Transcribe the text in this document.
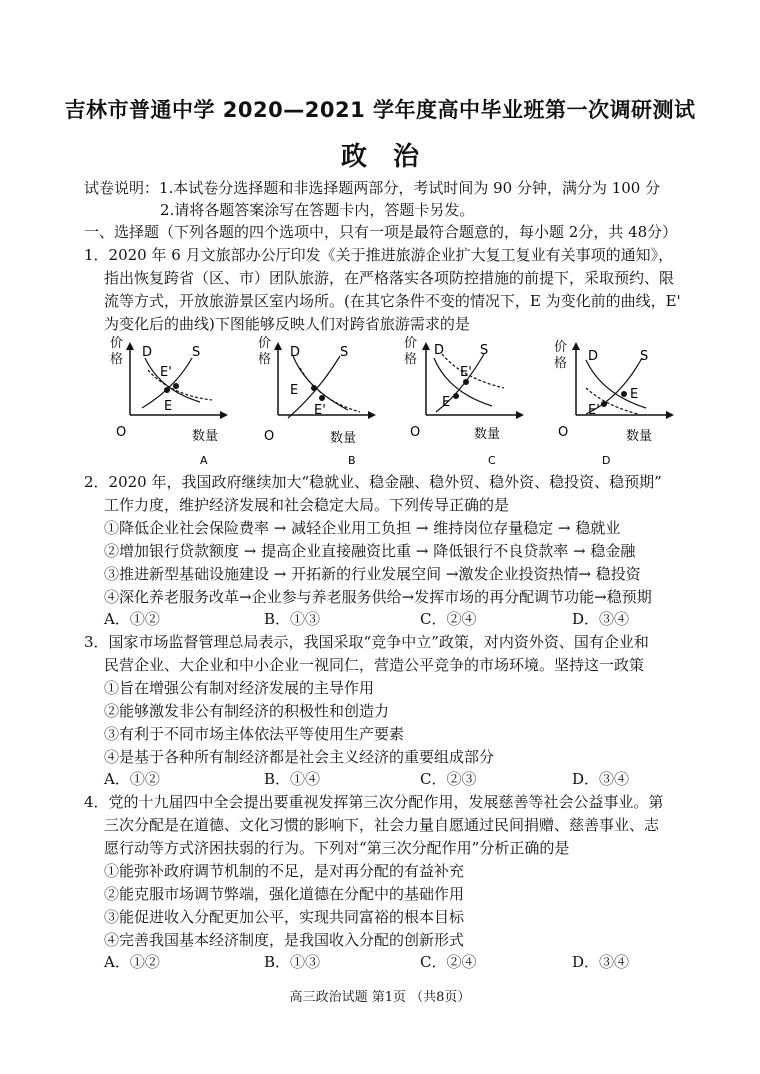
吉林市普通中学 2020—2021 学年度高中毕业班第一次调研测试
政治
试卷说明：1.本试卷分选择题和非选择题两部分，考试时间为 90 分钟，满分为 100 分
2.请将各题答案涂写在答题卡内，答题卡另发。
一、选择题（下列各题的四个选项中，只有一项是最符合题意的，每小题 2分，共 48分）
1．2020 年 6 月文旅部办公厅印发《关于推进旅游企业扩大复工复业有关事项的通知》，
指出恢复跨省（区、市）团队旅游，在严格落实各项防控措施的前提下，采取预约、限
流等方式，开放旅游景区室内场所。(在其它条件不变的情况下，E 为变化前的曲线，E'
为变化后的曲线)下图能够反映人们对跨省旅游需求的是
D	S
E'
E
O	数量
A
价格	D	S
E
E'
O	数量
B
价格
D	S
E'
E
O	数量
C
价格	D	S
E
E'
O	数量
D
价格
2．2020 年，我国政府继续加大“稳就业、稳金融、稳外贸、稳外资、稳投资、稳预期”
工作力度，维护经济发展和社会稳定大局。下列传导正确的是
①降低企业社会保险费率 → 减轻企业用工负担 → 维持岗位存量稳定 → 稳就业
②增加银行贷款额度 → 提高企业直接融资比重 → 降低银行不良贷款率 → 稳金融
③推进新型基础设施建设 → 开拓新的行业发展空间 →激发企业投资热情→ 稳投资
④深化养老服务改革→企业参与养老服务供给→发挥市场的再分配调节功能→稳预期
A．①②	B．①③	C．②④	D．③④
3．国家市场监督管理总局表示，我国采取“竞争中立”政策，对内资外资、国有企业和
民营企业、大企业和中小企业一视同仁，营造公平竞争的市场环境。坚持这一政策
①旨在增强公有制对经济发展的主导作用
②能够激发非公有制经济的积极性和创造力
③有利于不同市场主体依法平等使用生产要素
④是基于各种所有制经济都是社会主义经济的重要组成部分
A．①②	B．①④	C．②③	D．③④
4．党的十九届四中全会提出要重视发挥第三次分配作用，发展慈善等社会公益事业。第
三次分配是在道德、文化习惯的影响下，社会力量自愿通过民间捐赠、慈善事业、志
愿行动等方式济困扶弱的行为。下列对“第三次分配作用”分析正确的是
①能弥补政府调节机制的不足，是对再分配的有益补充
②能克服市场调节弊端，强化道德在分配中的基础作用
③能促进收入分配更加公平，实现共同富裕的根本目标
④完善我国基本经济制度，是我国收入分配的创新形式
A．①②	B．①③	C．②④	D．③④
高三政治试题 第1页 （共8页）
